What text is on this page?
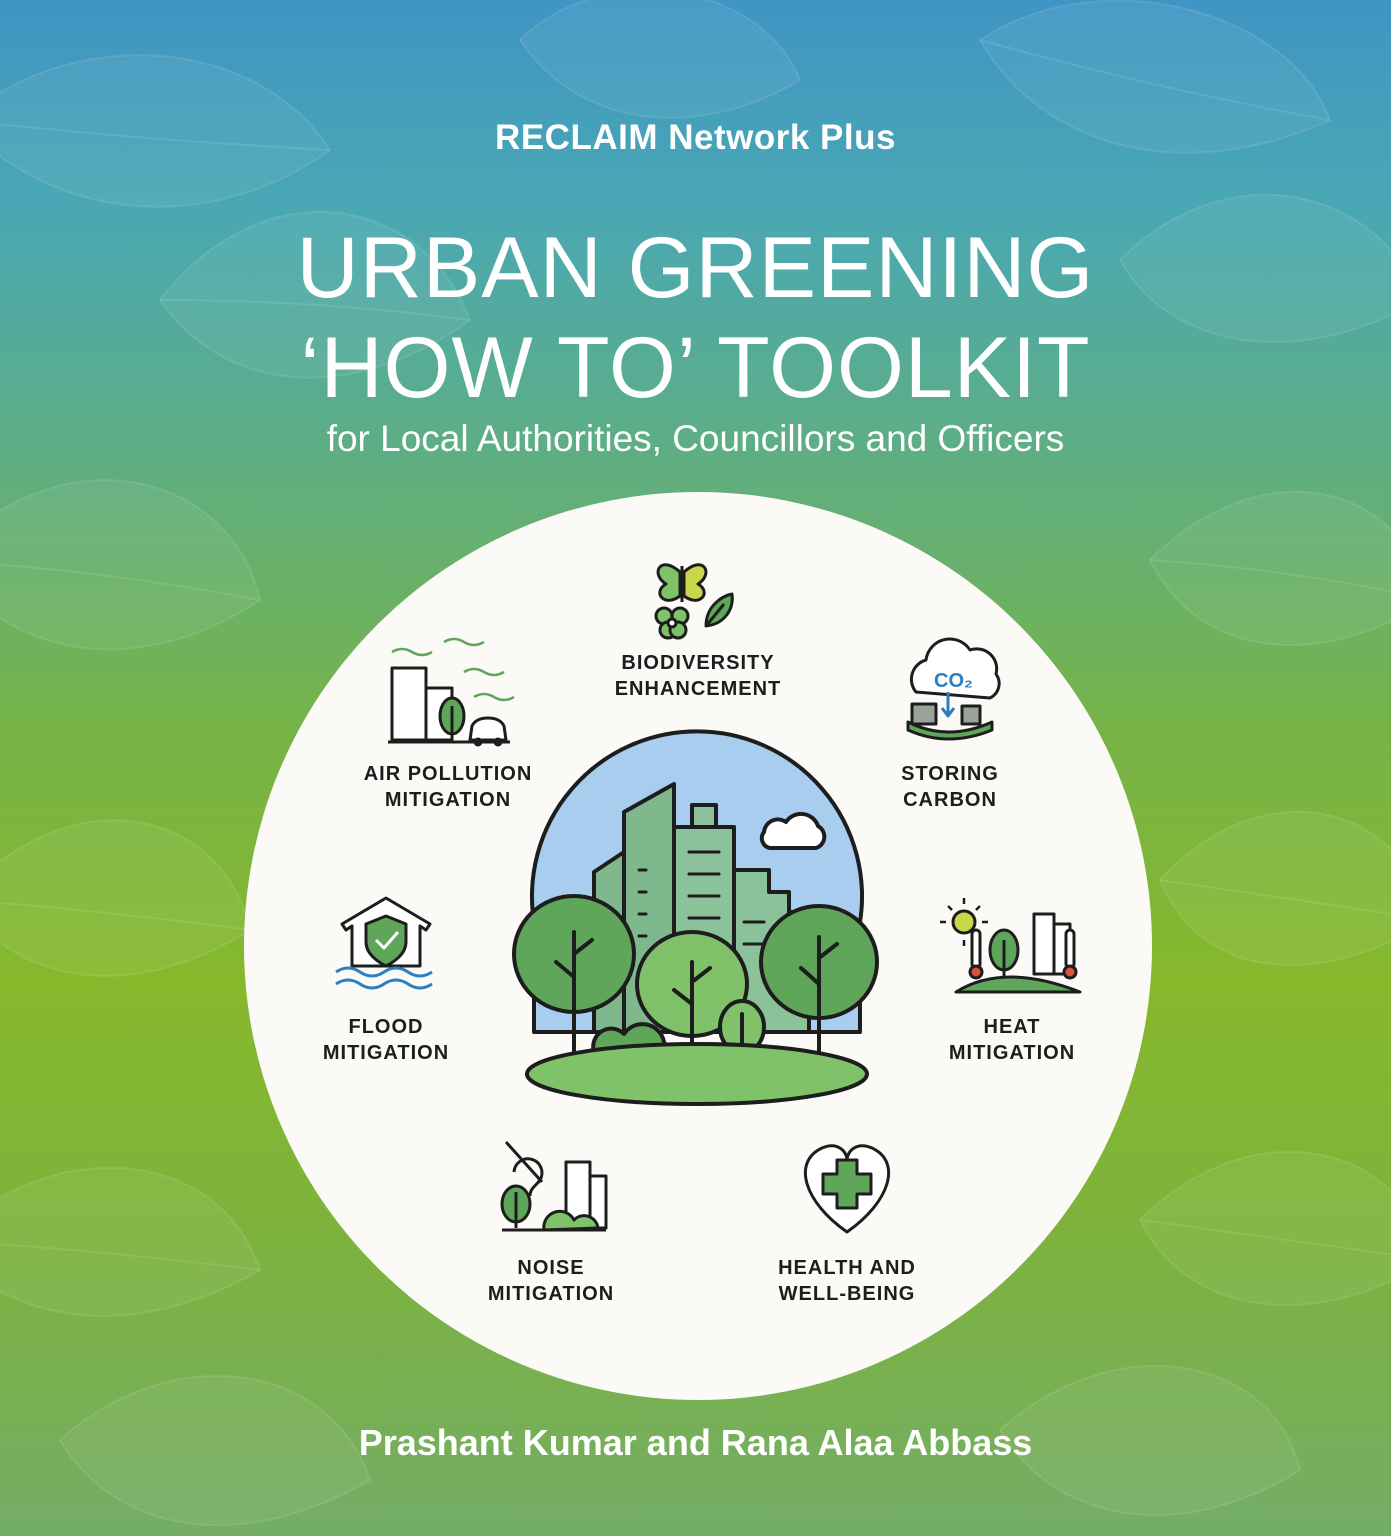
RECLAIM Network Plus
URBAN GREENING
‘HOW TO’ TOOLKIT
for Local Authorities, Councillors and Officers
CO₂
BIODIVERSITY
ENHANCEMENT
STORING
CARBON
HEAT
MITIGATION
HEALTH AND
WELL-BEING
NOISE
MITIGATION
FLOOD
MITIGATION
AIR POLLUTION
MITIGATION
Prashant Kumar and Rana Alaa Abbass
